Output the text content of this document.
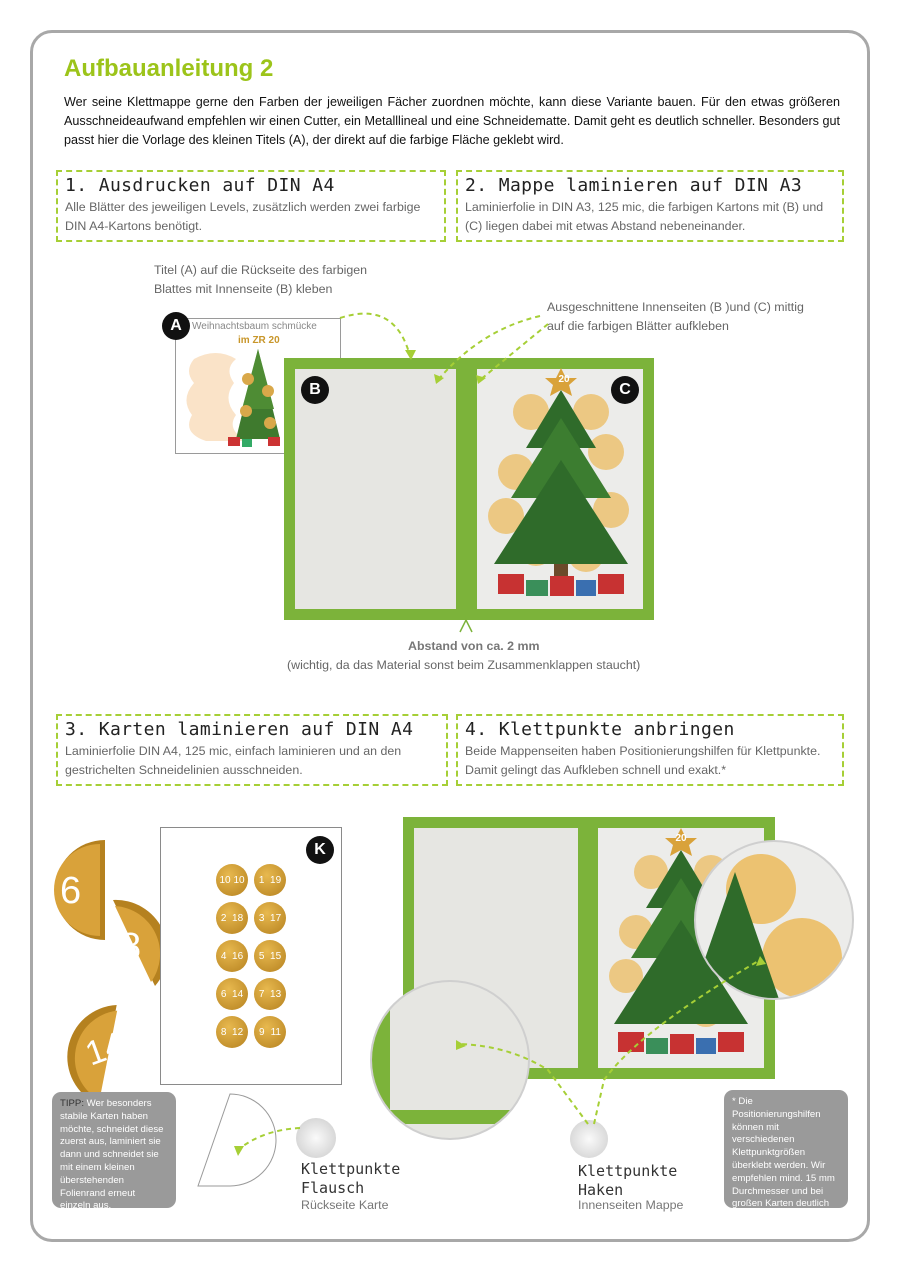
Aufbauanleitung 2
Wer seine Klettmappe gerne den Farben der jeweiligen Fächer zuordnen möchte, kann diese Variante bauen. Für den etwas größeren Ausschneideaufwand empfehlen wir einen Cutter, ein Metalllineal und eine Schneidematte. Damit geht es deutlich schneller. Besonders gut passt hier die Vorlage des kleinen Titels (A), der direkt auf die farbige Fläche geklebt wird.
1. Ausdrucken auf DIN A4

Alle Blätter des jeweiligen Levels, zusätzlich werden zwei farbige DIN A4-Kartons benötigt.

2. Mappe laminieren auf DIN A3

Laminierfolie in DIN A3, 125 mic, die farbigen Kartons mit (B) und (C) liegen dabei mit etwas Abstand nebeneinander.

3. Karten laminieren auf DIN A4

Laminierfolie DIN A4, 125 mic, einfach laminieren und an den gestrichelten Schneidelinien ausschneiden.

4. Klettpunkte anbringen

Beide Mappenseiten haben Positionierungshilfen für Klettpunkte. Damit gelingt das Aufkleben schnell und exakt.*

Titel (A) auf die Rückseite des farbigen Blattes mit Innenseite (B) kleben
Ausgeschnittene Innenseiten (B )und (C) mittig auf die farbigen Blätter aufkleben
Abstand von ca. 2 mm
(wichtig, da das Material sonst beim Zusammenklappen staucht)
Weihnachtsbaum schmücke
im ZR 20
A
B	C
20
6
8
14
K
10 10 1 19
2 18 3 17
4 16 5 15
6 14 7 13
8 12 9 11
TIPP: Wer besonders stabile Karten haben möchte, schneidet diese zuerst aus, laminiert sie dann und schneidet sie mit einem kleinen überstehenden Folienrand erneut einzeln aus.
Klettpunkte Flausch
Rückseite Karte
20
Klettpunkte Haken
Innenseiten Mappe
* Die Positionierungshilfen können mit verschiedenen Klettpunktgrößen überklebt werden. Wir empfehlen mind. 15 mm Durchmesser und bei großen Karten deutlich größer.
